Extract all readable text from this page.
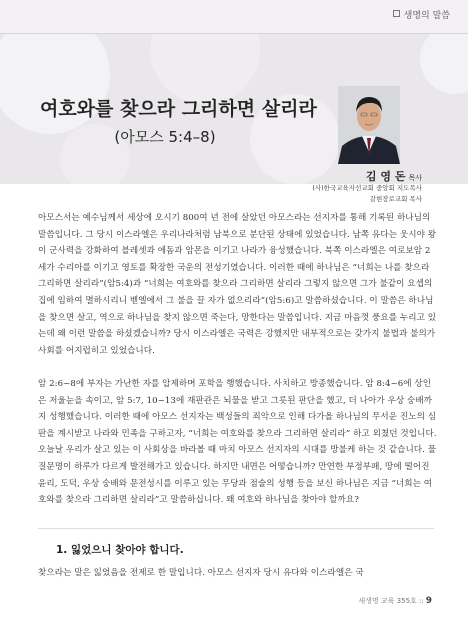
생명의 말씀
여호와를 찾으라 그리하면 살리라
(아모스 5:4–8)
김 영 돈 목사
(사)한국교육자선교회 중앙회 지도목사
갈현장로교회 목사

아모스서는 예수님께서 세상에 오시기 800여 년 전에 살았던 아모스라는 선지자를 통해 기록된 하나님의 말씀입니다. 그 당시 이스라엘은 우리나라처럼 남북으로 분단된 상태에 있었습니다. 남쪽 유다는 웃시야 왕이 군사력을 강화하여 블레셋과 에돔과 암몬을 이기고 나라가 융성했습니다. 북쪽 이스라엘은 여로보암 2세가 수리아를 이기고 영토를 확장한 국운의 전성기였습니다. 이러한 때에 하나님은 “너희는 나를 찾으라 그리하면 살리라”(암5:4)과 “너희는 여호와를 찾으라 그리하면 살리라 그렇지 않으면 그가 불같이 요셉의 집에 임하여 멸하시리니 벧엘에서 그 불을 끌 자가 없으리라”(암5:6)고 말씀하셨습니다. 이 말씀은 하나님을 찾으면 살고, 역으로 하나님을 찾지 않으면 죽는다, 망한다는 말씀입니다. 지금 마음껏 풍요를 누리고 있는데 왜 이런 말씀을 하셨겠습니까? 당시 이스라엘은 국력은 강했지만 내부적으로는 갖가지 불법과 불의가 사회를 어지럽히고 있었습니다.

암 2:6~8에 부자는 가난한 자를 압제하며 포학을 행했습니다. 사치하고 방종했습니다. 암 8:4~6에 상인은 저울눈을 속이고, 암 5:7, 10~13에 재판관은 뇌물을 받고 그릇된 판단을 했고, 더 나아가 우상 숭배까지 성행했습니다. 이러한 때에 아모스 선지자는 백성들의 죄악으로 인해 다가올 하나님의 무서운 진노의 심판을 계시받고 나라와 민족을 구하고자, “너희는 여호와를 찾으라 그리하면 살리라” 하고 외쳤던 것입니다. 오늘날 우리가 살고 있는 이 사회상을 바라볼 때 마치 아모스 선지자의 시대를 방불케 하는 것 같습니다. 물질문명이 하루가 다르게 발전해가고 있습니다. 하지만 내면은 어떻습니까? 만연한 부정부패, 땅에 떨어진 윤리, 도덕, 우상 숭배와 문전성시를 이루고 있는 무당과 점술의 성행 등을 보신 하나님은 지금 “너희는 여호와를 찾으라 그리하면 살리라”고 말씀하십니다. 왜 여호와 하나님을 찾아야 할까요?

1. 잃었으니 찾아야 합니다.

찾으라는 말은 잃었음을 전제로 한 말입니다. 아모스 선지자 당시 유다와 이스라엘은 국

새생명 교육 355호 :: 9
